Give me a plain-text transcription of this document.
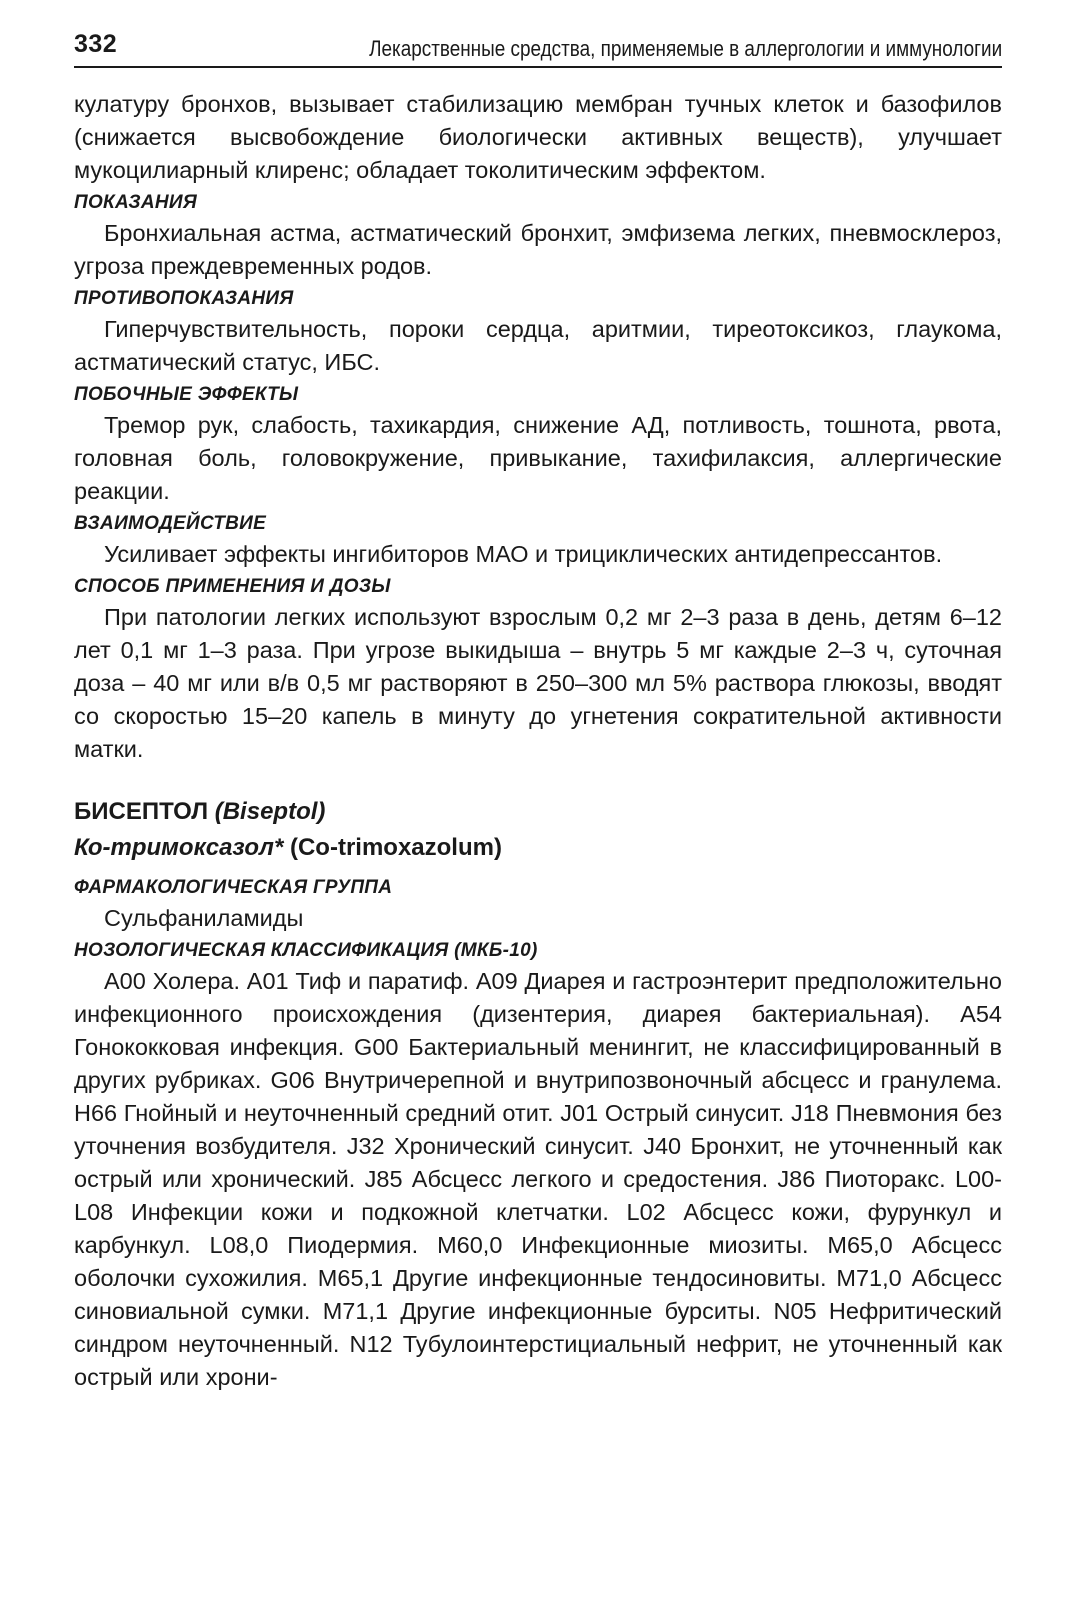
332	Лекарственные средства, применяемые в аллергологии и иммунологии

кулатуру бронхов, вызывает стабилизацию мембран тучных клеток и базофилов (снижается высвобождение биологически активных веществ), улучшает мукоцилиарный клиренс; обладает токолитическим эффектом.

ПОКАЗАНИЯ

Бронхиальная астма, астматический бронхит, эмфизема легких, пневмосклероз, угроза преждевременных родов.

ПРОТИВОПОКАЗАНИЯ

Гиперчувствительность, пороки сердца, аритмии, тиреотоксикоз, глаукома, астматический статус, ИБС.

ПОБОЧНЫЕ ЭФФЕКТЫ

Тремор рук, слабость, тахикардия, снижение АД, потливость, тошнота, рвота, головная боль, головокружение, привыкание, тахифилаксия, аллергические реакции.

ВЗАИМОДЕЙСТВИЕ

Усиливает эффекты ингибиторов МАО и трициклических антидепрессантов.

СПОСОБ ПРИМЕНЕНИЯ И ДОЗЫ

При патологии легких используют взрослым 0,2 мг 2–3 раза в день, детям 6–12 лет 0,1 мг 1–3 раза. При угрозе выкидыша – внутрь 5 мг каждые 2–3 ч, суточная доза – 40 мг или в/в 0,5 мг растворяют в 250–300 мл 5% раствора глюкозы, вводят со скоростью 15–20 капель в минуту до угнетения сократительной активности матки.

БИСЕПТОЛ (Biseptol)
Ко-тримоксазол* (Co-trimoxazolum)
ФАРМАКОЛОГИЧЕСКАЯ ГРУППА

Сульфаниламиды

НОЗОЛОГИЧЕСКАЯ КЛАССИФИКАЦИЯ (МКБ-10)

А00 Холера. А01 Тиф и паратиф. А09 Диарея и гастроэнтерит предположительно инфекционного происхождения (дизентерия, диарея бактериальная). А54 Гонококковая инфекция. G00 Бактериальный менингит, не классифицированный в других рубриках. G06 Внутричерепной и внутрипозвоночный абсцесс и гранулема. Н66 Гнойный и неуточненный средний отит. J01 Острый синусит. J18 Пневмония без уточнения возбудителя. J32 Хронический синусит. J40 Бронхит, не уточненный как острый или хронический. J85 Абсцесс легкого и средостения. J86 Пиоторакс. L00-L08 Инфекции кожи и подкожной клетчатки. L02 Абсцесс кожи, фурункул и карбункул. L08,0 Пиодермия. М60,0 Инфекционные миозиты. М65,0 Абсцесс оболочки сухожилия. М65,1 Другие инфекционные тендосиновиты. М71,0 Абсцесс синовиальной сумки. М71,1 Другие инфекционные бурситы. N05 Нефритический синдром неуточненный. N12 Тубулоинтерстициальный нефрит, не уточненный как острый или хрони-
